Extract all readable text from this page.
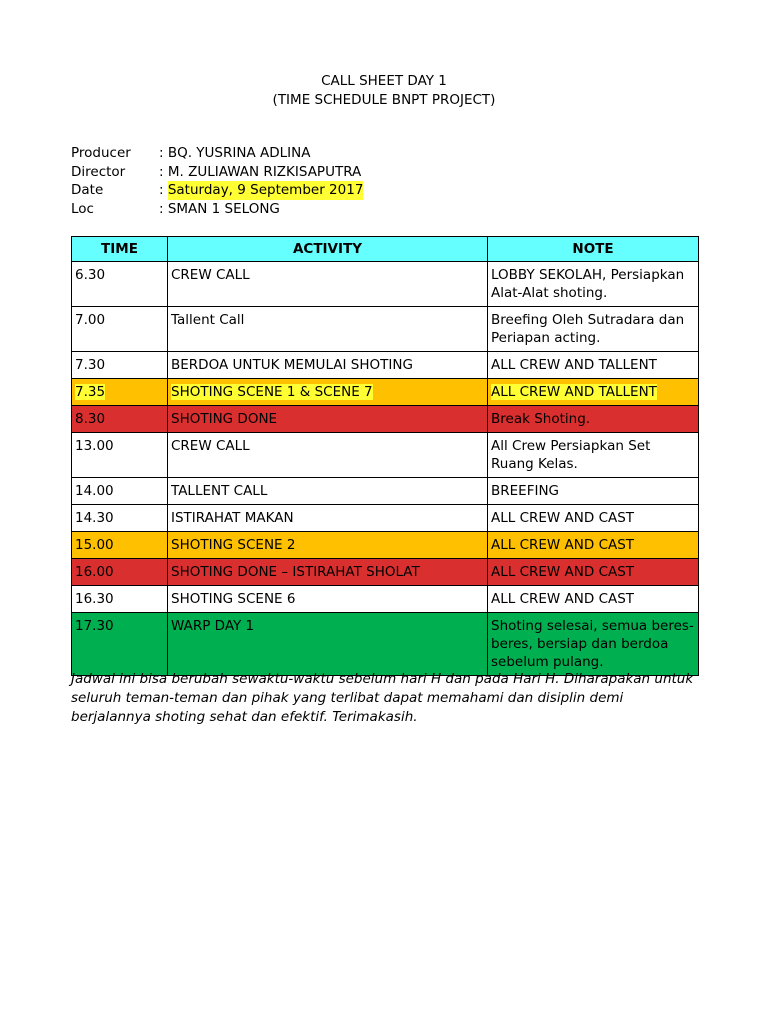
CALL SHEET DAY 1
(TIME SCHEDULE BNPT PROJECT)
Producer	: BQ. YUSRINA ADLINA
Director	: M. ZULIAWAN RIZKISAPUTRA
Date	: Saturday, 9 September 2017
Loc	: SMAN 1 SELONG
TIME	ACTIVITY	NOTE
6.30	CREW CALL	LOBBY SEKOLAH, Persiapkan Alat-Alat shoting.
7.00	Tallent Call	Breefing Oleh Sutradara dan Periapan acting.
7.30	BERDOA UNTUK MEMULAI SHOTING	ALL CREW AND TALLENT
7.35	SHOTING SCENE 1 & SCENE 7	ALL CREW AND TALLENT
8.30	SHOTING DONE	Break Shoting.
13.00	CREW CALL	All Crew Persiapkan Set Ruang Kelas.
14.00	TALLENT CALL	BREEFING
14.30	ISTIRAHAT MAKAN	ALL CREW AND CAST
15.00	SHOTING SCENE 2	ALL CREW AND CAST
16.00	SHOTING DONE – ISTIRAHAT SHOLAT	ALL CREW AND CAST
16.30	SHOTING SCENE 6	ALL CREW AND CAST
17.30	WARP DAY 1	Shoting selesai, semua beres-beres, bersiap dan berdoa sebelum pulang.
Jadwal ini bisa berubah sewaktu-waktu sebelum hari H dan pada Hari H. Diharapakan untuk seluruh teman-teman dan pihak yang terlibat dapat memahami dan disiplin demi berjalannya shoting sehat dan efektif. Terimakasih.
